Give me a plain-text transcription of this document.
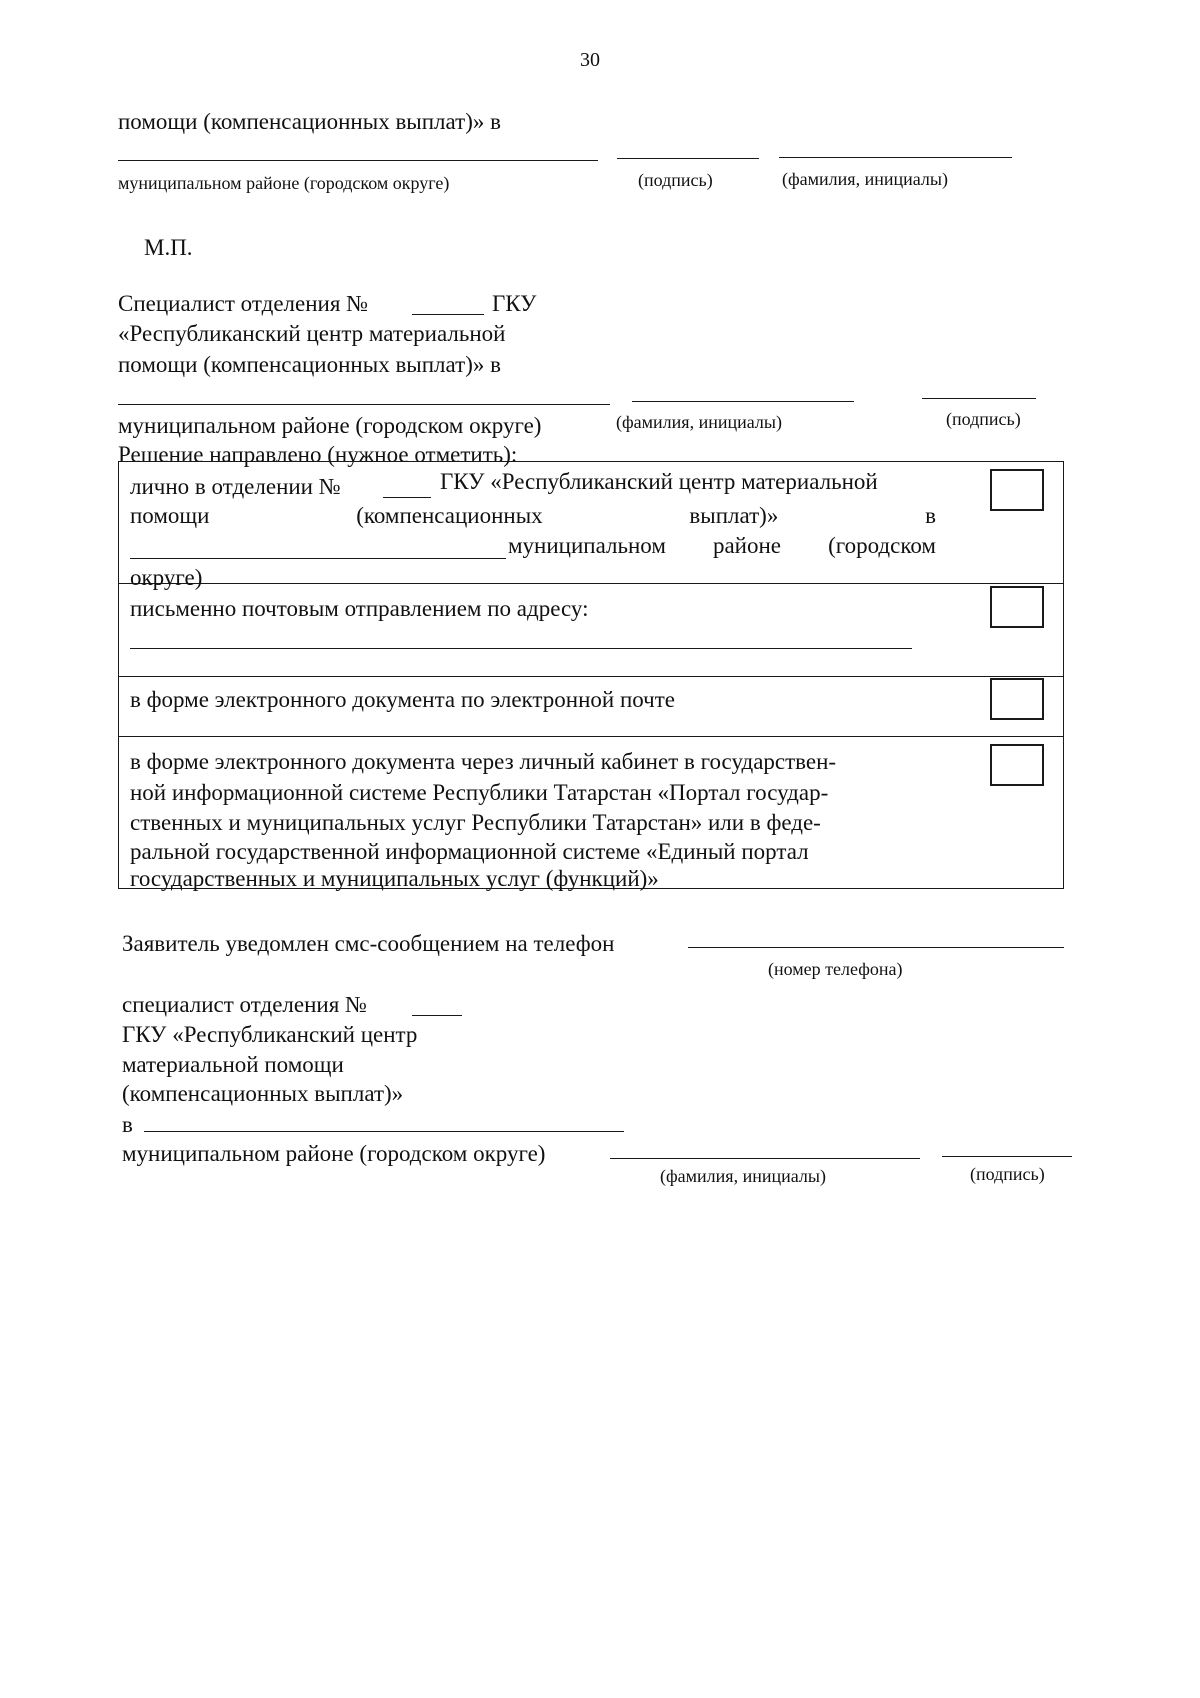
30
помощи (компенсационных выплат)» в
муниципальном районе (городском округе)	(подпись)	(фамилия, инициалы)
М.П.
Специалист отделения №	ГКУ
«Республиканский центр материальной
помощи (компенсационных выплат)» в
муниципальном районе (городском округе)	(фамилия, инициалы)	(подпись)
Решение направлено (нужное отметить):
лично в отделении №	ГКУ «Республиканский центр материальной
помощи	(компенсационных	выплат)»	в
муниципальном районе (городском
округе)
письменно почтовым отправлением по адресу:
в форме электронного документа по электронной почте
в форме электронного документа через личный кабинет в государствен-
ной информационной системе Республики Татарстан «Портал государ-
ственных и муниципальных услуг Республики Татарстан» или в феде-
ральной государственной информационной системе «Единый портал
государственных и муниципальных услуг (функций)»
Заявитель уведомлен смс-сообщением на телефон
(номер телефона)
специалист отделения №
ГКУ «Республиканский центр
материальной помощи
(компенсационных выплат)»
в
муниципальном районе (городском округе)
(фамилия, инициалы)	(подпись)
